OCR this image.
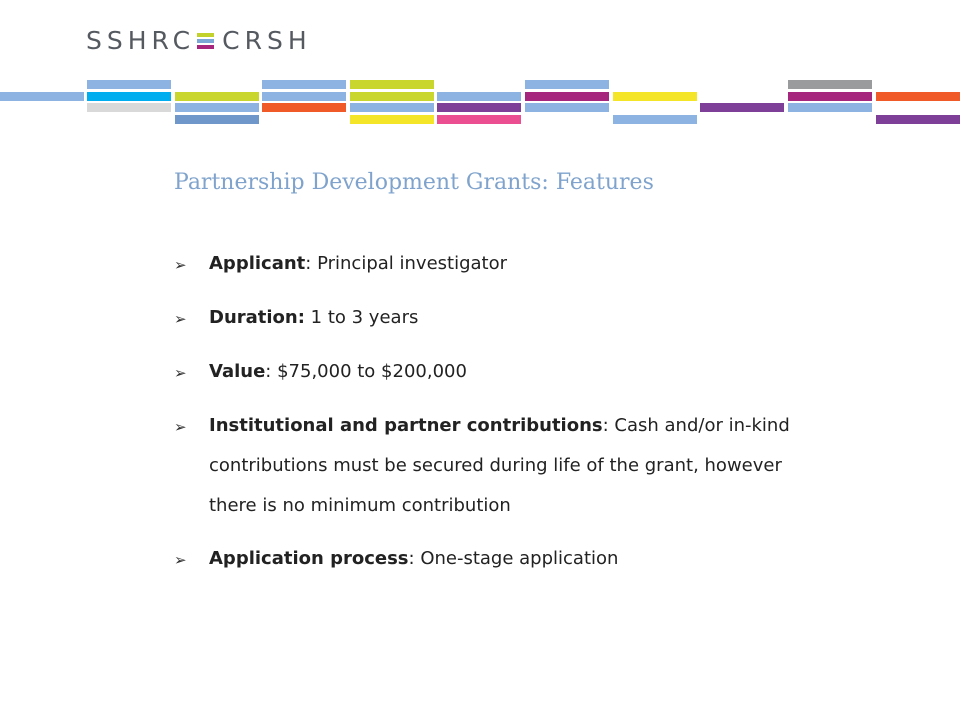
SSHRC CRSH
Partnership Development Grants: Features
➢	Applicant: Principal investigator
➢	Duration: 1 to 3 years
➢	Value: $75,000 to $200,000
➢	Institutional and partner contributions: Cash and/or in-kind contributions must be secured during life of the grant, however there is no minimum contribution
➢	Application process: One-stage application
